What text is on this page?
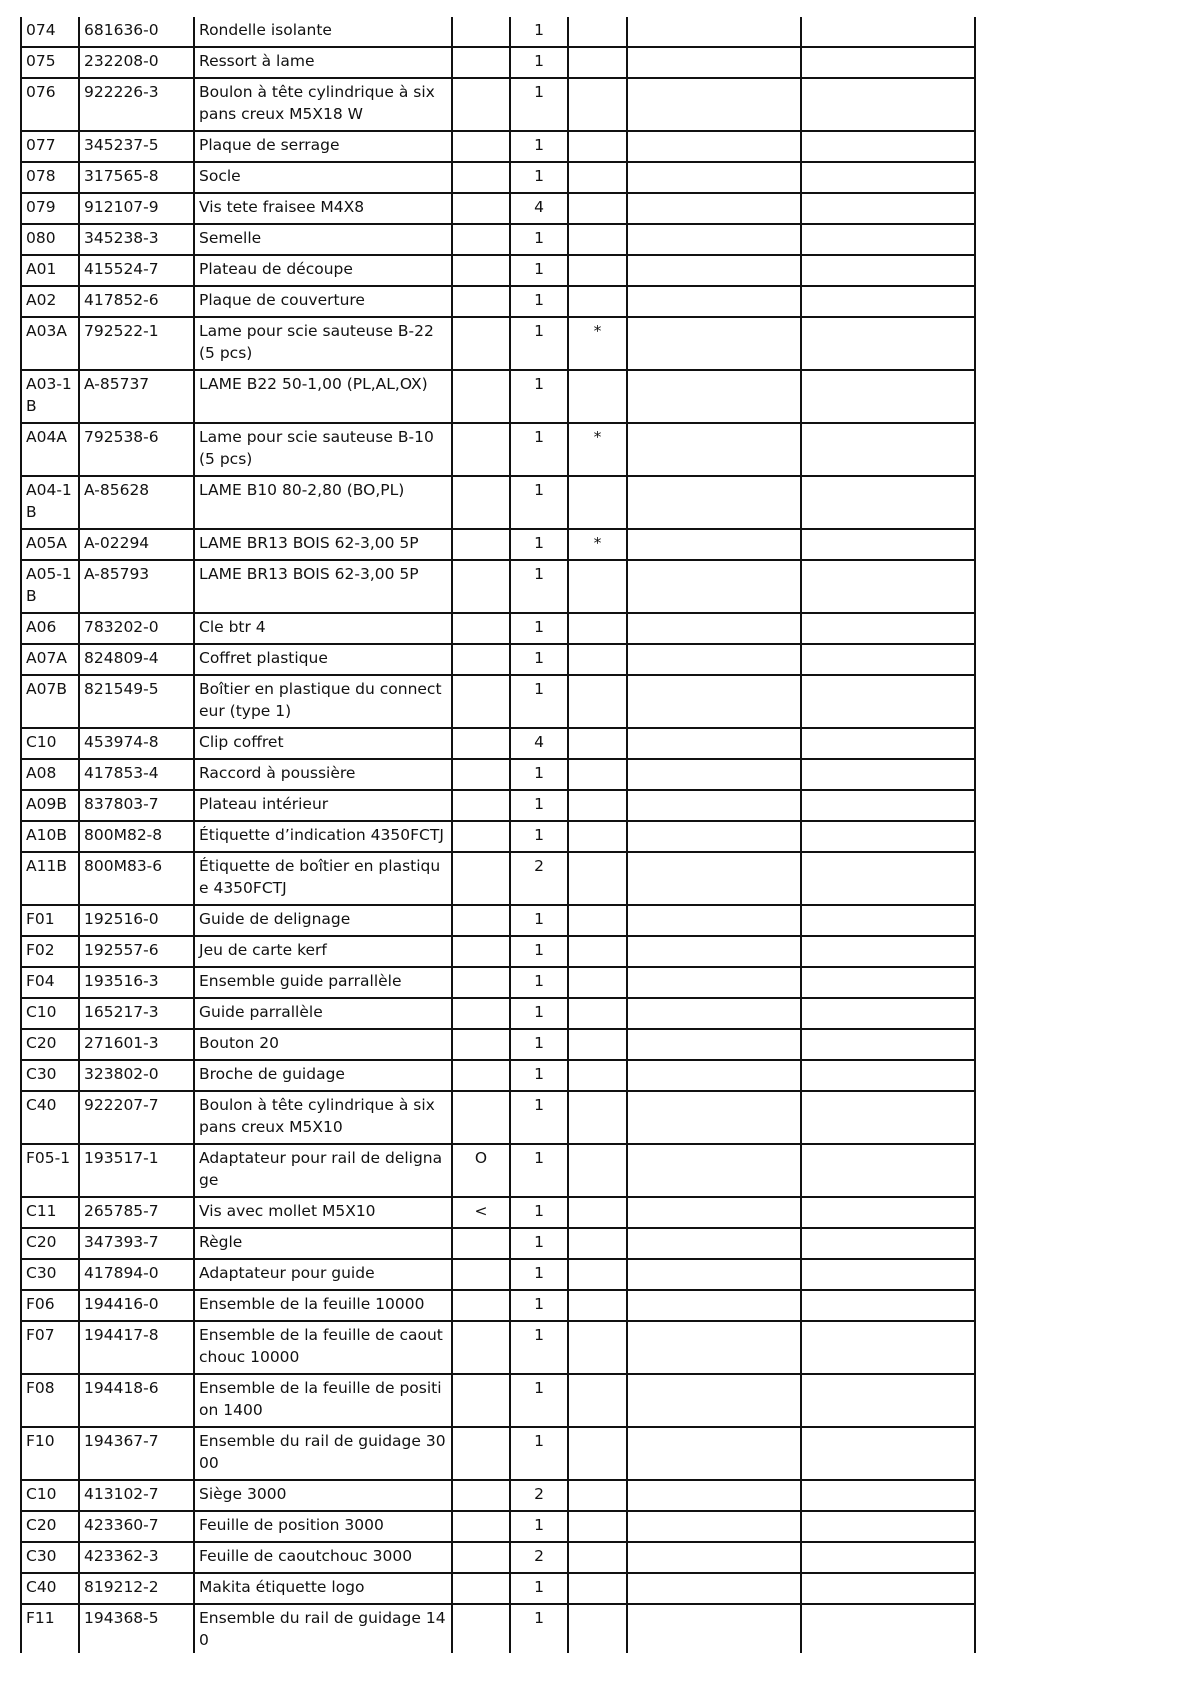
074	681636-0	Rondelle isolante		1			
075	232208-0	Ressort à lame		1			
076	922226-3	Boulon à tête cylindrique à six pans creux M5X18 W		1			
077	345237-5	Plaque de serrage		1			
078	317565-8	Socle		1			
079	912107-9	Vis tete fraisee M4X8		4			
080	345238-3	Semelle		1			
A01	415524-7	Plateau de découpe		1			
A02	417852-6	Plaque de couverture		1			
A03A	792522-1	Lame pour scie sauteuse B-22 (5 pcs)		1	*		
A03-1B	A-85737	LAME B22 50-1,00 (PL,AL,OX)		1			
A04A	792538-6	Lame pour scie sauteuse B-10 (5 pcs)		1	*		
A04-1B	A-85628	LAME B10 80-2,80 (BO,PL)		1			
A05A	A-02294	LAME BR13 BOIS 62-3,00 5P		1	*		
A05-1B	A-85793	LAME BR13 BOIS 62-3,00 5P		1			
A06	783202-0	Cle btr 4		1			
A07A	824809-4	Coffret plastique		1			
A07B	821549-5	Boîtier en plastique du connecteur (type 1)		1			
C10	453974-8	Clip coffret		4			
A08	417853-4	Raccord à poussière		1			
A09B	837803-7	Plateau intérieur		1			
A10B	800M82-8	Étiquette d’indication 4350FCTJ		1			
A11B	800M83-6	Étiquette de boîtier en plastique 4350FCTJ		2			
F01	192516-0	Guide de delignage		1			
F02	192557-6	Jeu de carte kerf		1			
F04	193516-3	Ensemble guide parrallèle		1			
C10	165217-3	Guide parrallèle		1			
C20	271601-3	Bouton 20		1			
C30	323802-0	Broche de guidage		1			
C40	922207-7	Boulon à tête cylindrique à six pans creux M5X10		1			
F05-1	193517-1	Adaptateur pour rail de delignage	O	1			
C11	265785-7	Vis avec mollet M5X10	<	1			
C20	347393-7	Règle		1			
C30	417894-0	Adaptateur pour guide		1			
F06	194416-0	Ensemble de la feuille 10000		1			
F07	194417-8	Ensemble de la feuille de caoutchouc 10000		1			
F08	194418-6	Ensemble de la feuille de position 1400		1			
F10	194367-7	Ensemble du rail de guidage 3000		1			
C10	413102-7	Siège 3000		2			
C20	423360-7	Feuille de position 3000		1			
C30	423362-3	Feuille de caoutchouc 3000		2			
C40	819212-2	Makita étiquette logo		1			
F11	194368-5	Ensemble du rail de guidage 140		1			
